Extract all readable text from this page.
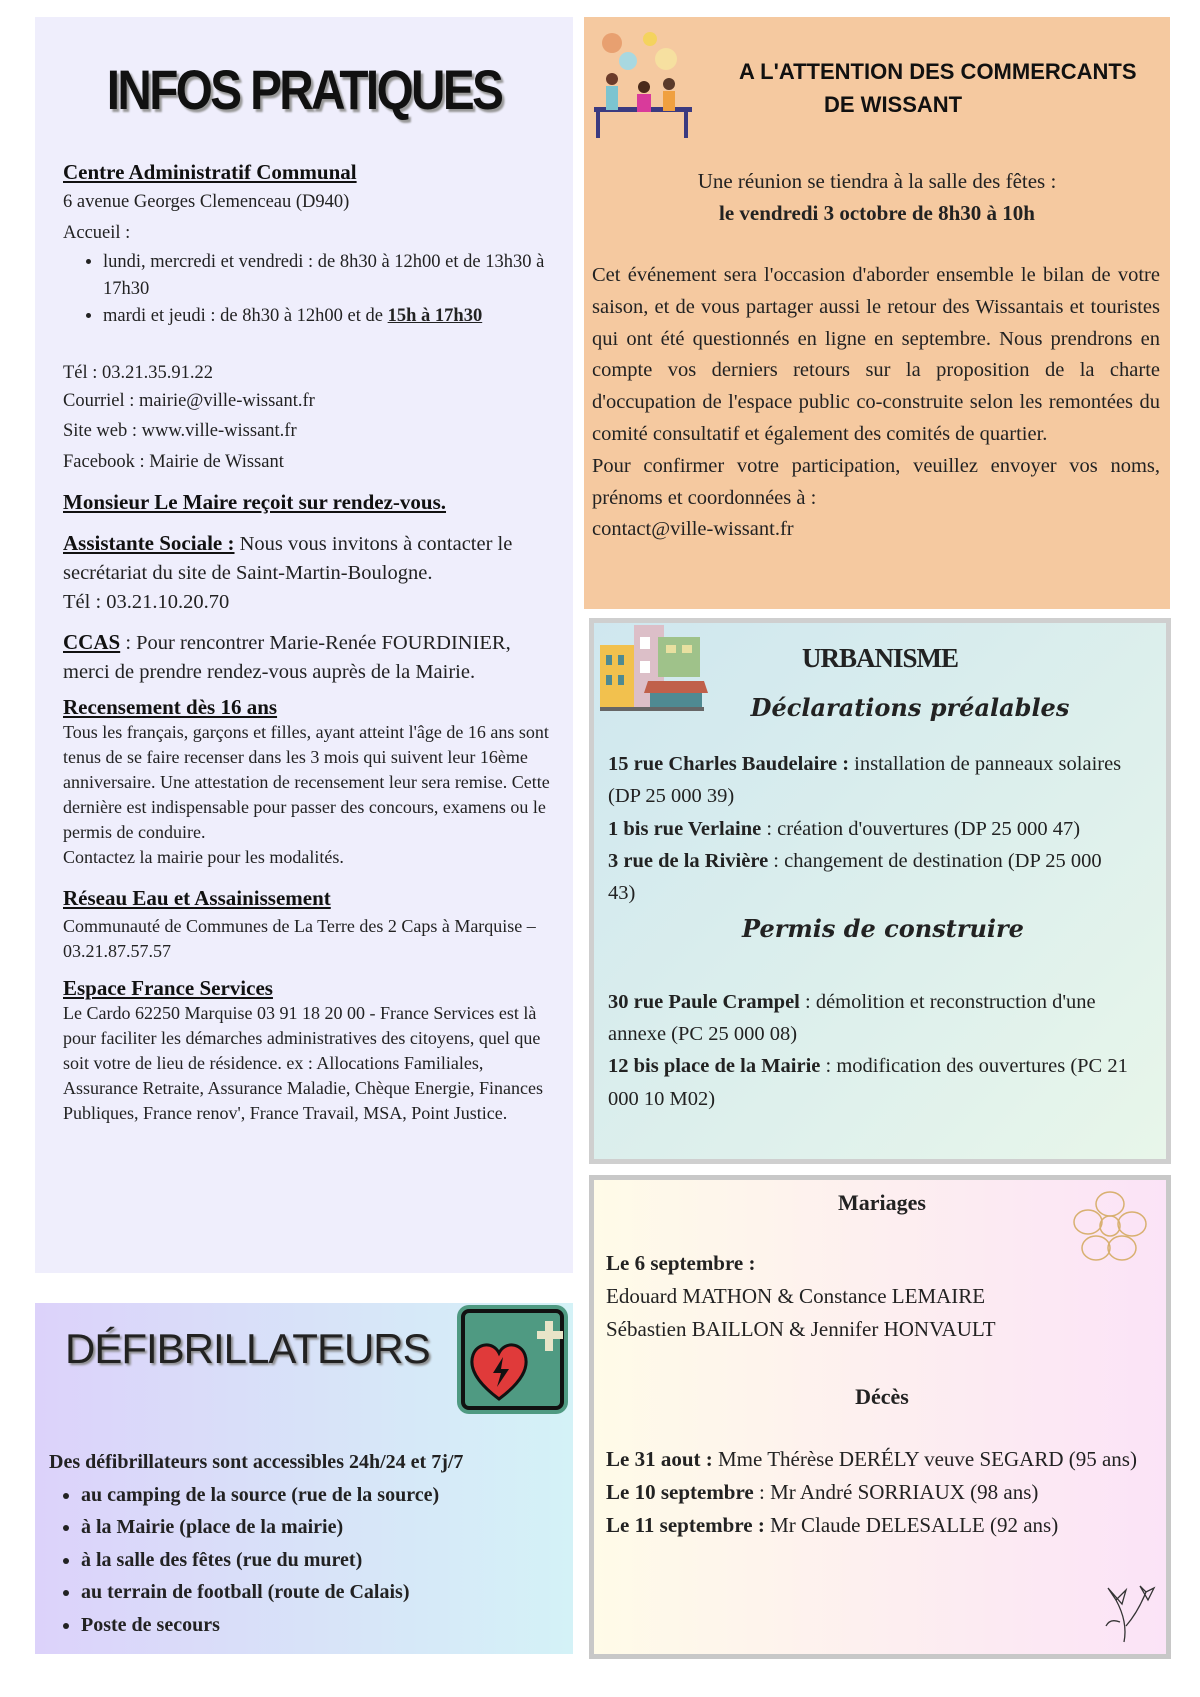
INFOS PRATIQUES
Centre Administratif Communal
6 avenue Georges Clemenceau (D940)
Accueil :
• lundi, mercredi et vendredi : de 8h30 à 12h00 et de 13h30 à 17h30
• mardi et jeudi : de 8h30 à 12h00 et de 15h à 17h30
Tél : 03.21.35.91.22
Courriel : mairie@ville-wissant.fr
Site web : www.ville-wissant.fr
Facebook : Mairie de Wissant
Monsieur Le Maire reçoit sur rendez-vous.
Assistante Sociale : Nous vous invitons à contacter le secrétariat du site de Saint-Martin-Boulogne.
Tél : 03.21.10.20.70
CCAS : Pour rencontrer Marie-Renée FOURDINIER, merci de prendre rendez-vous auprès de la Mairie.
Recensement dès 16 ans
Tous les français, garçons et filles, ayant atteint l'âge de 16 ans sont tenus de se faire recenser dans les 3 mois qui suivent leur 16ème anniversaire. Une attestation de recensement leur sera remise. Cette dernière est indispensable pour passer des concours, examens ou le permis de conduire.
Contactez la mairie pour les modalités.
Réseau Eau et Assainissement
Communauté de Communes de La Terre des 2 Caps à Marquise – 03.21.87.57.57
Espace France Services
Le Cardo 62250 Marquise 03 91 18 20 00 - France Services est là pour faciliter les démarches administratives des citoyens, quel que soit votre de lieu de résidence. ex : Allocations Familiales, Assurance Retraite, Assurance Maladie, Chèque Energie, Finances Publiques, France renov', France Travail, MSA, Point Justice.
A L'ATTENTION DES COMMERCANTS
DE WISSANT
Une réunion se tiendra à la salle des fêtes :
le vendredi 3 octobre de 8h30 à 10h
Cet événement sera l'occasion d'aborder ensemble le bilan de votre saison, et de vous partager aussi le retour des Wissantais et touristes qui ont été questionnés en ligne en septembre. Nous prendrons en compte vos derniers retours sur la proposition de la charte d'occupation de l'espace public co-construite selon les remontées du comité consultatif et également des comités de quartier.
Pour confirmer votre participation, veuillez envoyer vos noms, prénoms et coordonnées à :
contact@ville-wissant.fr
URBANISME
Déclarations préalables
15 rue Charles Baudelaire : installation de panneaux solaires (DP 25 000 39)
1 bis rue Verlaine : création d'ouvertures (DP 25 000 47)
3 rue de la Rivière : changement de destination (DP 25 000 43)
Permis de construire
30 rue Paule Crampel : démolition et reconstruction d'une annexe (PC 25 000 08)
12 bis place de la Mairie : modification des ouvertures (PC 21 000 10 M02)
Mariages
Le 6 septembre :
Edouard MATHON & Constance LEMAIRE
Sébastien BAILLON & Jennifer HONVAULT
Décès
Le 31 aout : Mme Thérèse DERÉLY veuve SEGARD (95 ans)
Le 10 septembre : Mr André SORRIAUX (98 ans)
Le 11 septembre : Mr Claude DELESALLE (92 ans)
DÉFIBRILLATEURS
Des défibrillateurs sont accessibles 24h/24 et 7j/7
• au camping de la source (rue de la source)
• à la Mairie (place de la mairie)
• à la salle des fêtes (rue du muret)
• au terrain de football (route de Calais)
• Poste de secours
